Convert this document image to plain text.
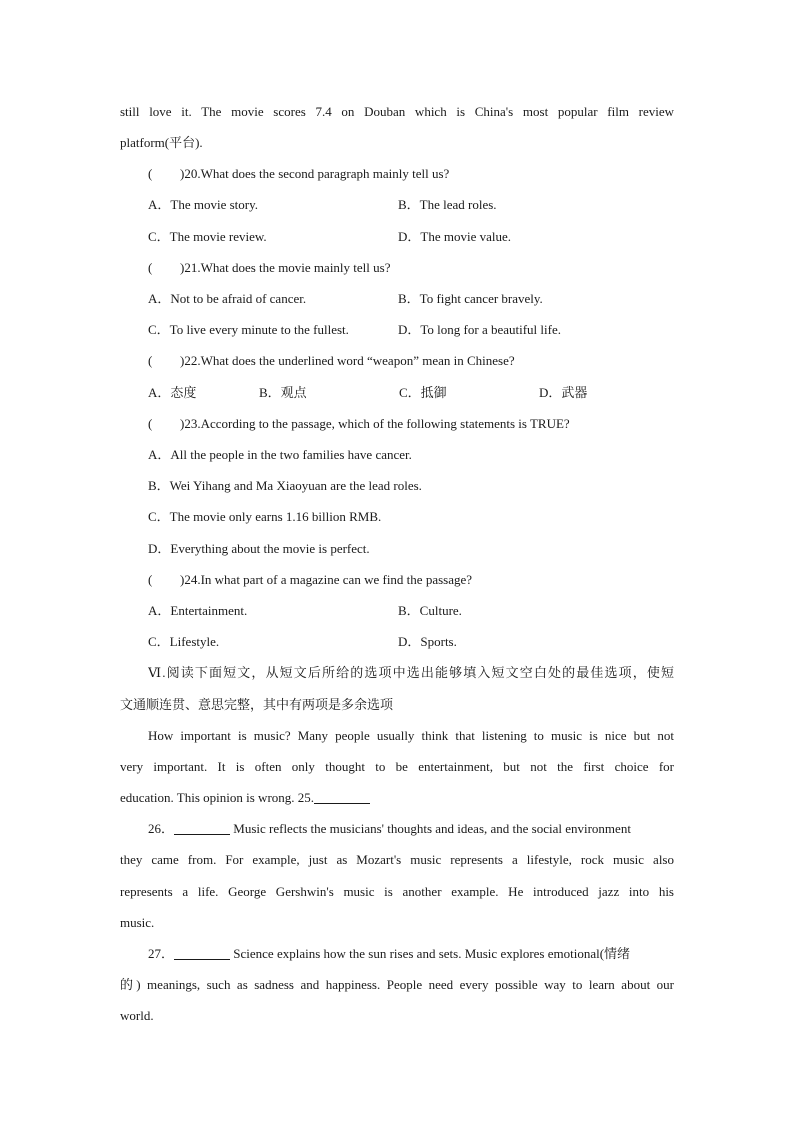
still love it. The movie scores 7.4 on Douban which is China's most popular film review
platform(平台).
( )20.What does the second paragraph mainly tell us?
A．The movie story.	B．The lead roles.
C．The movie review.	D．The movie value.
( )21.What does the movie mainly tell us?
A．Not to be afraid of cancer.	B．To fight cancer bravely.
C．To live every minute to the fullest.	D．To long for a beautiful life.
( )22.What does the underlined word “weapon” mean in Chinese?
A．态度	B．观点	C．抵御	D．武器
( )23.According to the passage, which of the following statements is TRUE?
A．All the people in the two families have cancer.
B．Wei Yihang and Ma Xiaoyuan are the lead roles.
C．The movie only earns 1.16 billion RMB.
D．Everything about the movie is perfect.
( )24.In what part of a magazine can we find the passage?
A．Entertainment.	B．Culture.
C．Lifestyle.	D．Sports.
Ⅵ.阅读下面短文，从短文后所给的选项中选出能够填入短文空白处的最佳选项，使短
文通顺连贯、意思完整，其中有两项是多余选项
How important is music? Many people usually think that listening to music is nice but not
very important. It is often only thought to be entertainment, but not the first choice for
education. This opinion is wrong. 25.
26．	Music reflects the musicians' thoughts and ideas, and the social environment
they came from. For example, just as Mozart's music represents a lifestyle, rock music also
represents a life. George Gershwin's music is another example. He introduced jazz into his
music.
27．	Science explains how the sun rises and sets. Music explores emotional(情绪
的) meanings, such as sadness and happiness. People need every possible way to learn about our
world.
